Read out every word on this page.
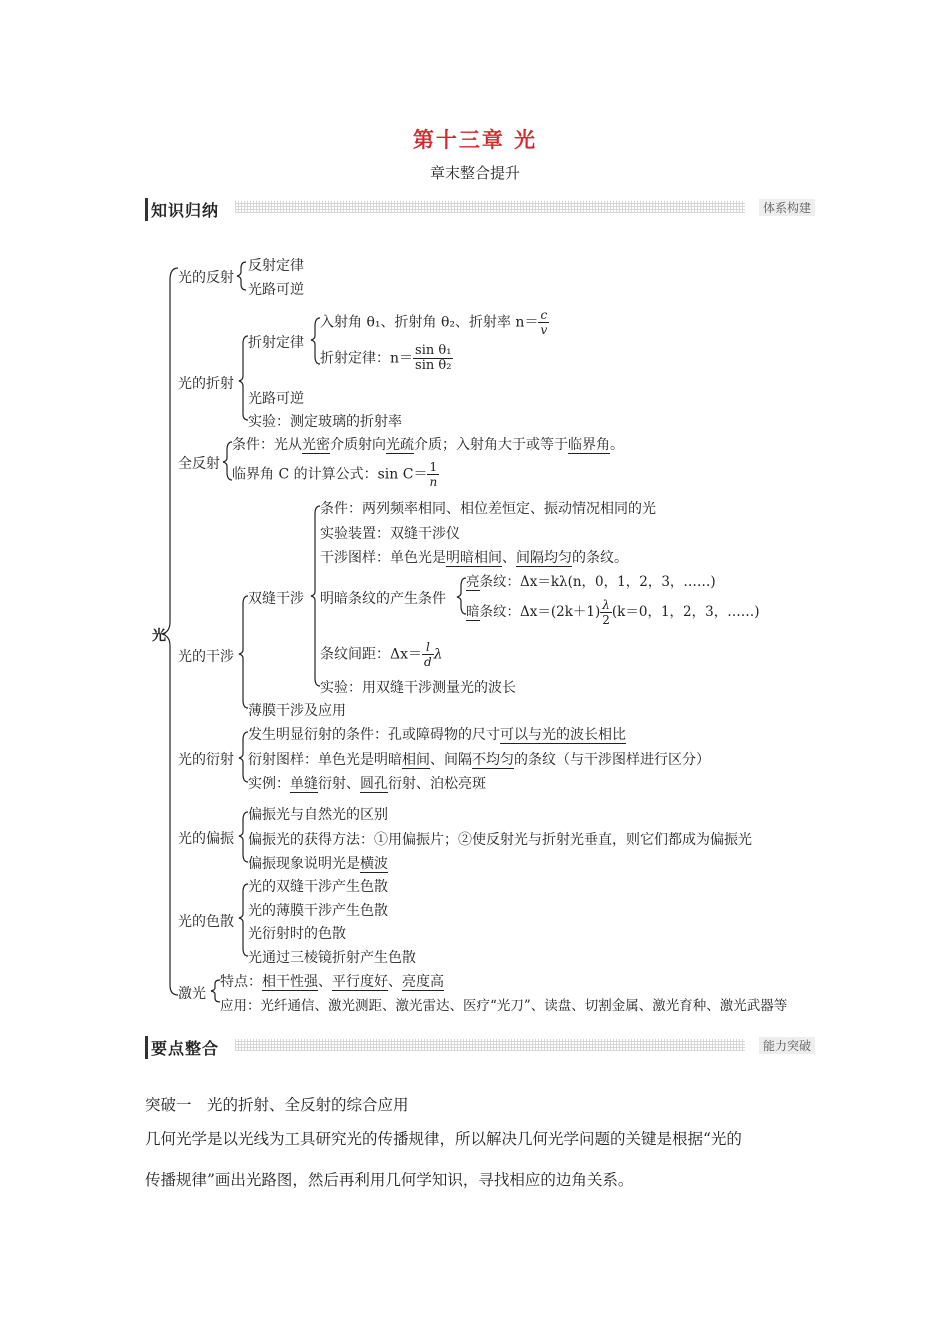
第十三章 光
章末整合提升
知识归纳	体系构建
光
光的反射
反射定律
光路可逆
光的折射
折射定律
入射角 θ₁、折射角 θ₂、折射率 $n= \frac{c}{v}$
折射定律：$n= \frac{\text{sin θ₁}}{\text{sin θ₂}}$
光路可逆
实验：测定玻璃的折射率
全反射
条件：光从光密介质射向光疏介质；入射角大于或等于临界角。
临界角 C 的计算公式：$\sin C= \frac{1}{n}$
光的干涉
双缝干涉
条件：两列频率相同、相位差恒定、振动情况相同的光
实验装置：双缝干涉仪
干涉图样：单色光是明暗相间、间隔均匀的条纹。
明暗条纹的产生条件
亮条纹：Δx＝kλ(n，0，1，2，3，……)
暗条纹：$\Delta x=(2k+1) \frac{\lambda}{2} (k=0$，1，2，3，……)
条纹间距：$\Delta x= \frac{l}{d}$ λ
实验：用双缝干涉测量光的波长
薄膜干涉及应用
光的衍射
发生明显衍射的条件：孔或障碍物的尺寸可以与光的波长相比
衍射图样：单色光是明暗相间、间隔不均匀的条纹（与干涉图样进行区分）
实例：单缝衍射、圆孔衍射、泊松亮斑
光的偏振
偏振光与自然光的区别
偏振光的获得方法：①用偏振片；②使反射光与折射光垂直，则它们都成为偏振光
偏振现象说明光是横波
光的色散
光的双缝干涉产生色散
光的薄膜干涉产生色散
光衍射时的色散
光通过三棱镜折射产生色散
激光
特点：相干性强、平行度好、亮度高
应用：光纤通信、激光测距、激光雷达、医疗“光刀”、读盘、切割金属、激光育种、激光武器等
要点整合	能力突破
突破一　光的折射、全反射的综合应用
几何光学是以光线为工具研究光的传播规律，所以解决几何光学问题的关键是根据“光的
传播规律”画出光路图，然后再利用几何学知识，寻找相应的边角关系。
